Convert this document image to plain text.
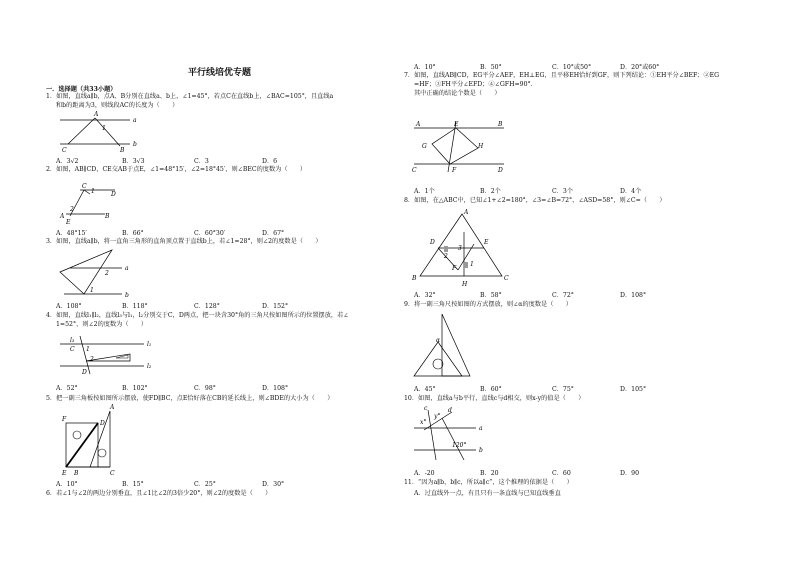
平行线培优专题
一．选择题（共33小题）
1．如图，直线a∥b，点A、B分别在直线a、b上，∠1=45°，若点C在直线b上，∠BAC=105°，且直线a
和b的距离为3，则线段AC的长度为（　　）
A
a
1
B
C
b
A．3√2	B．3√3	C．3	D．6
2．如图，AB∥CD，CE交AB于点E，∠1=48°15′，∠2=18°45′，则∠BEC的度数为（　　）
C
1	D
A
2
E
B
A．48°15′	B．66°	C．60°30′	D．67°
3．如图，直线a∥b，将一直角三角形的直角顶点置于直线b上，若∠1=28°，则∠2的度数是（　　）
a
2
1
b
A．108°	B．118°	C．128°	D．152°
4．如图，直线l₁∥l₂，直线l₃与l₁，l₂分别交于C，D两点，把一块含30°角的三角尺按如图所示的位置摆放，若∠
1=52°，则∠2的度数为（　　）
l₃
C 1
2
D
l₁
l₂
A．52°	B．102°	C．98°	D．108°
5．把一副三角板按如图所示摆放，使FD∥BC，点E恰好落在CB的延长线上，则∠BDE的大小为（　　）
A
F
D
E B	C
A．10°	B．15°	C．25°	D．30°
6．若∠1与∠2的两边分别垂直，且∠1比∠2的3倍少20°，则∠2的度数是（　　）
A．10°	B．50°	C．10°或50°	D．20°或60°
7．如图，直线AB∥CD，EG平分∠AEF，EH⊥EG，且平移EH恰好到GF，则下列结论：①EH平分∠BEF；②EG
=HF；③FH平分∠EFD；④∠GFH=90°．
其中正确的结论个数是（　　）
A	E	B
G	H
C	F	D
A．1个	B．2个	C．3个	D．4个
8．如图，在△ABC中，已知∠1+∠2=180°，∠3=∠B=72°，∠ASD=58°，则∠C=（　　）
A
D	E
3
2
F
1
B
H
C
A．32°	B．58°	C．72°	D．108°
9．将一副三角尺按如图的方式摆放，则∠α的度数是（　　）
α
A．45°	B．60°	C．75°	D．105°
10．如图，直线a与b平行，直线c与d相交，则x-y的值是（　　）
c	d
x°
y°
a
120°
b
A．-20	B．20	C．60	D．90
11．“因为a∥b，b∥c，所以a∥c”，这个推理的依据是（　　）
A．过直线外一点，有且只有一条直线与已知直线垂直
